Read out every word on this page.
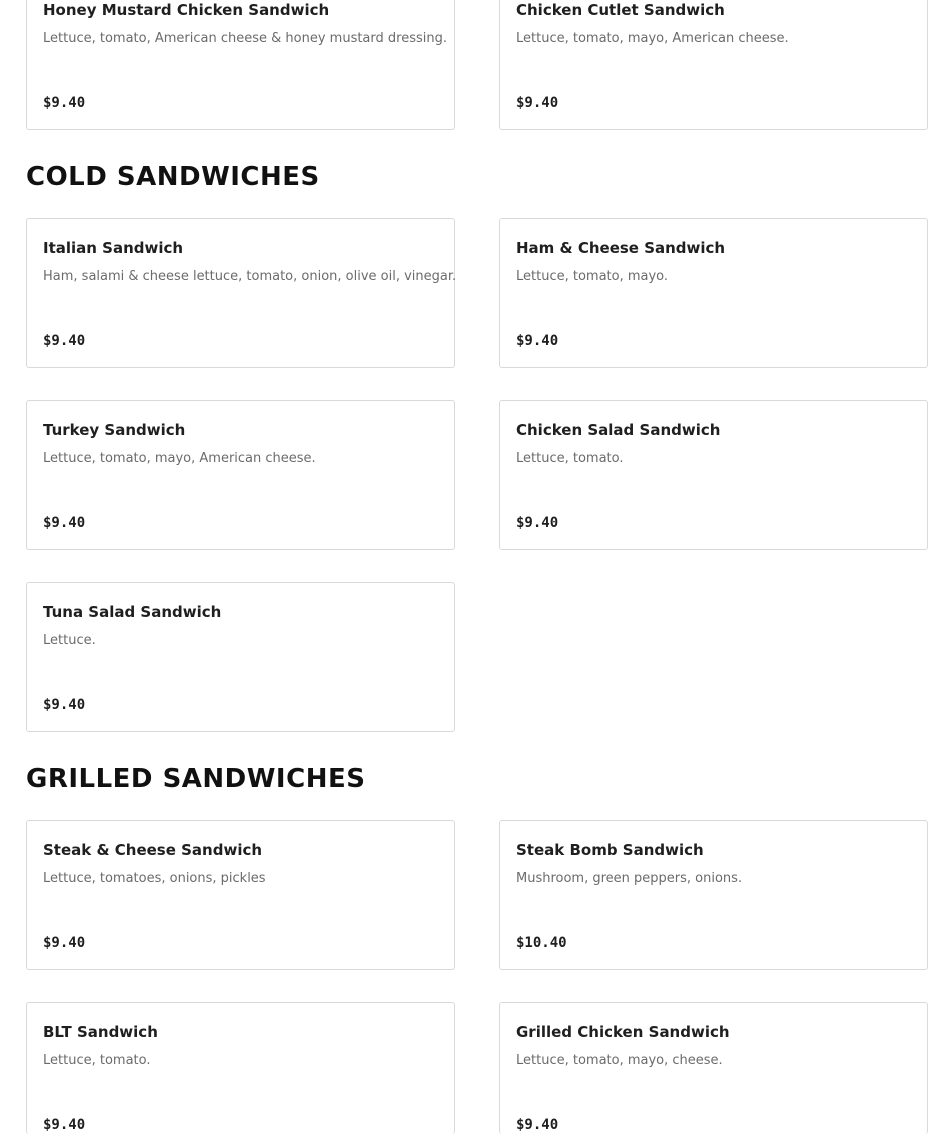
Honey Mustard Chicken Sandwich
Lettuce, tomato, American cheese & honey mustard dressing.
$9.40
Chicken Cutlet Sandwich
Lettuce, tomato, mayo, American cheese.
$9.40
COLD SANDWICHES
Italian Sandwich
Ham, salami & cheese lettuce, tomato, onion, olive oil, vinegar.
$9.40
Ham & Cheese Sandwich
Lettuce, tomato, mayo.
$9.40
Turkey Sandwich
Lettuce, tomato, mayo, American cheese.
$9.40
Chicken Salad Sandwich
Lettuce, tomato.
$9.40
Tuna Salad Sandwich
Lettuce.
$9.40
GRILLED SANDWICHES
Steak & Cheese Sandwich
Lettuce, tomatoes, onions, pickles
$9.40
Steak Bomb Sandwich
Mushroom, green peppers, onions.
$10.40
BLT Sandwich
Lettuce, tomato.
$9.40
Grilled Chicken Sandwich
Lettuce, tomato, mayo, cheese.
$9.40
